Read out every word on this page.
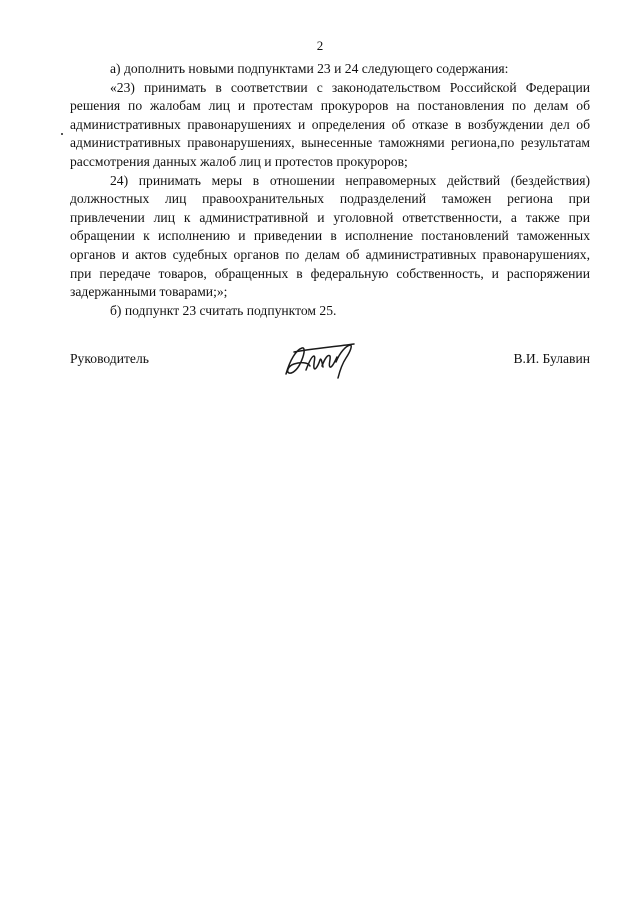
2

а) дополнить новыми подпунктами 23 и 24 следующего содержания:

«23) принимать в соответствии с законодательством Российской Федерации решения по жалобам лиц и протестам прокуроров на постановления по делам об административных правонарушениях и определения об отказе в возбуждении дел об административных правонарушениях, вынесенные таможнями региона,по результатам рассмотрения данных жалоб лиц и протестов прокуроров;

24) принимать меры в отношении неправомерных действий (бездействия) должностных лиц правоохранительных подразделений таможен региона при привлечении лиц к административной и уголовной ответственности, а также при обращении к исполнению и приведении в исполнение постановлений таможенных органов и актов судебных органов по делам об административных правонарушениях, при передаче товаров, обращенных в федеральную собственность, и распоряжении задержанными товарами;»;

б) подпункт 23 считать подпунктом 25.

Руководитель	В.И. Булавин
